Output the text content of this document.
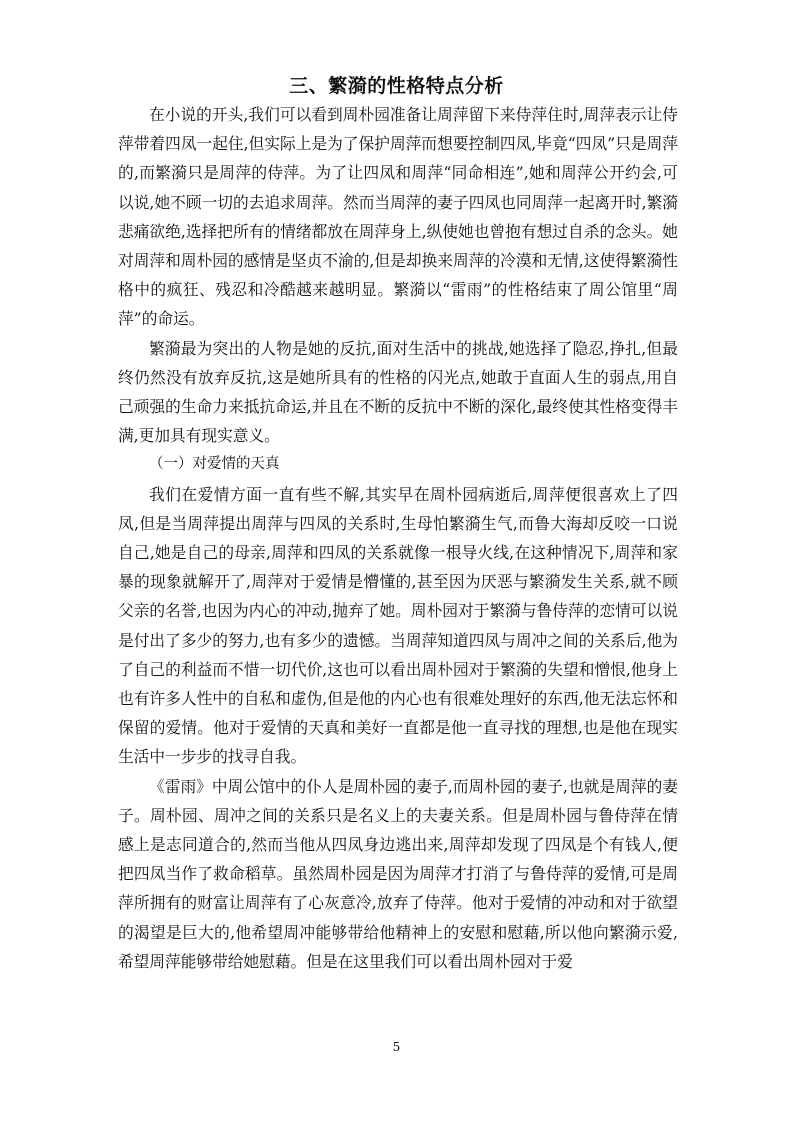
三、繁漪的性格特点分析

在小说的开头,我们可以看到周朴园准备让周萍留下来侍萍住时,周萍表示让侍萍带着四凤一起住,但实际上是为了保护周萍而想要控制四凤,毕竟“四凤”只是周萍的,而繁漪只是周萍的侍萍。为了让四凤和周萍“同命相连”,她和周萍公开约会,可以说,她不顾一切的去追求周萍。然而当周萍的妻子四凤也同周萍一起离开时,繁漪悲痛欲绝,选择把所有的情绪都放在周萍身上,纵使她也曾抱有想过自杀的念头。她对周萍和周朴园的感情是坚贞不渝的,但是却换来周萍的冷漠和无情,这使得繁漪性格中的疯狂、残忍和冷酷越来越明显。繁漪以“雷雨”的性格结束了周公馆里“周萍”的命运。

繁漪最为突出的人物是她的反抗,面对生活中的挑战,她选择了隐忍,挣扎,但最终仍然没有放弃反抗,这是她所具有的性格的闪光点,她敢于直面人生的弱点,用自己顽强的生命力来抵抗命运,并且在不断的反抗中不断的深化,最终使其性格变得丰满,更加具有现实意义。

（一）对爱情的天真

我们在爱情方面一直有些不解,其实早在周朴园病逝后,周萍便很喜欢上了四凤,但是当周萍提出周萍与四凤的关系时,生母怕繁漪生气,而鲁大海却反咬一口说自己,她是自己的母亲,周萍和四凤的关系就像一根导火线,在这种情况下,周萍和家暴的现象就解开了,周萍对于爱情是懵懂的,甚至因为厌恶与繁漪发生关系,就不顾父亲的名誉,也因为内心的冲动,抛弃了她。周朴园对于繁漪与鲁侍萍的恋情可以说是付出了多少的努力,也有多少的遗憾。当周萍知道四凤与周冲之间的关系后,他为了自己的利益而不惜一切代价,这也可以看出周朴园对于繁漪的失望和憎恨,他身上也有许多人性中的自私和虚伪,但是他的内心也有很难处理好的东西,他无法忘怀和保留的爱情。他对于爱情的天真和美好一直都是他一直寻找的理想,也是他在现实生活中一步步的找寻自我。

《雷雨》中周公馆中的仆人是周朴园的妻子,而周朴园的妻子,也就是周萍的妻子。周朴园、周冲之间的关系只是名义上的夫妻关系。但是周朴园与鲁侍萍在情感上是志同道合的,然而当他从四凤身边逃出来,周萍却发现了四凤是个有钱人,便把四凤当作了救命稻草。虽然周朴园是因为周萍才打消了与鲁侍萍的爱情,可是周萍所拥有的财富让周萍有了心灰意冷,放弃了侍萍。他对于爱情的冲动和对于欲望的渴望是巨大的,他希望周冲能够带给他精神上的安慰和慰藉,所以他向繁漪示爱,希望周萍能够带给她慰藉。但是在这里我们可以看出周朴园对于爱

5
